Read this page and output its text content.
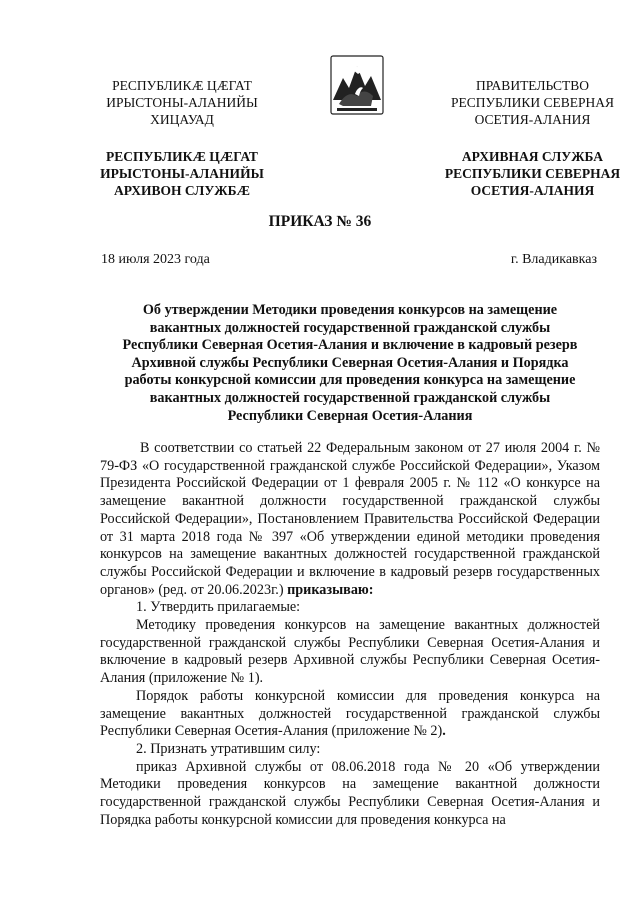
РЕСПУБЛИКӔ ЦӔГАТ
ИРЫСТОНЫ-АЛАНИЙЫ
ХИЦАУАД
РЕСПУБЛИКӔ ЦӔГАТ
ИРЫСТОНЫ-АЛАНИЙЫ
АРХИВОН СЛУЖБӔ
ПРАВИТЕЛЬСТВО
РЕСПУБЛИКИ СЕВЕРНАЯ
ОСЕТИЯ-АЛАНИЯ
АРХИВНАЯ СЛУЖБА
РЕСПУБЛИКИ СЕВЕРНАЯ
ОСЕТИЯ-АЛАНИЯ
ПРИКАЗ № 36
18 июля 2023 года	г. Владикавказ
Об утверждении Методики проведения конкурсов на замещение
вакантных должностей государственной гражданской службы
Республики Северная Осетия-Алания и включение в кадровый резерв
Архивной службы Республики Северная Осетия-Алания и Порядка
работы конкурсной комиссии для проведения конкурса на замещение
вакантных должностей государственной гражданской службы
Республики Северная Осетия-Алания

В соответствии со статьей 22 Федеральным законом от 27 июля 2004 г. № 79-ФЗ «О государственной гражданской службе Российской Федерации», Указом Президента Российской Федерации от 1 февраля 2005 г. № 112 «О конкурсе на замещение вакантной должности государственной гражданской службы Российской Федерации», Постановлением Правительства Российской Федерации от 31 марта 2018 года № 397 «Об утверждении единой методики проведения конкурсов на замещение вакантных должностей государственной гражданской службы Российской Федерации и включение в кадровый резерв государственных органов» (ред. от 20.06.2023г.) приказываю:

1. Утвердить прилагаемые:

Методику проведения конкурсов на замещение вакантных должностей государственной гражданской службы Республики Северная Осетия-Алания и включение в кадровый резерв Архивной службы Республики Северная Осетия-Алания (приложение № 1).

Порядок работы конкурсной комиссии для проведения конкурса на замещение вакантных должностей государственной гражданской службы Республики Северная Осетия-Алания (приложение № 2).

2. Признать утратившим силу:

приказ Архивной службы от 08.06.2018 года № 20 «Об утверждении Методики проведения конкурсов на замещение вакантной должности государственной гражданской службы Республики Северная Осетия-Алания и Порядка работы конкурсной комиссии для проведения конкурса на
